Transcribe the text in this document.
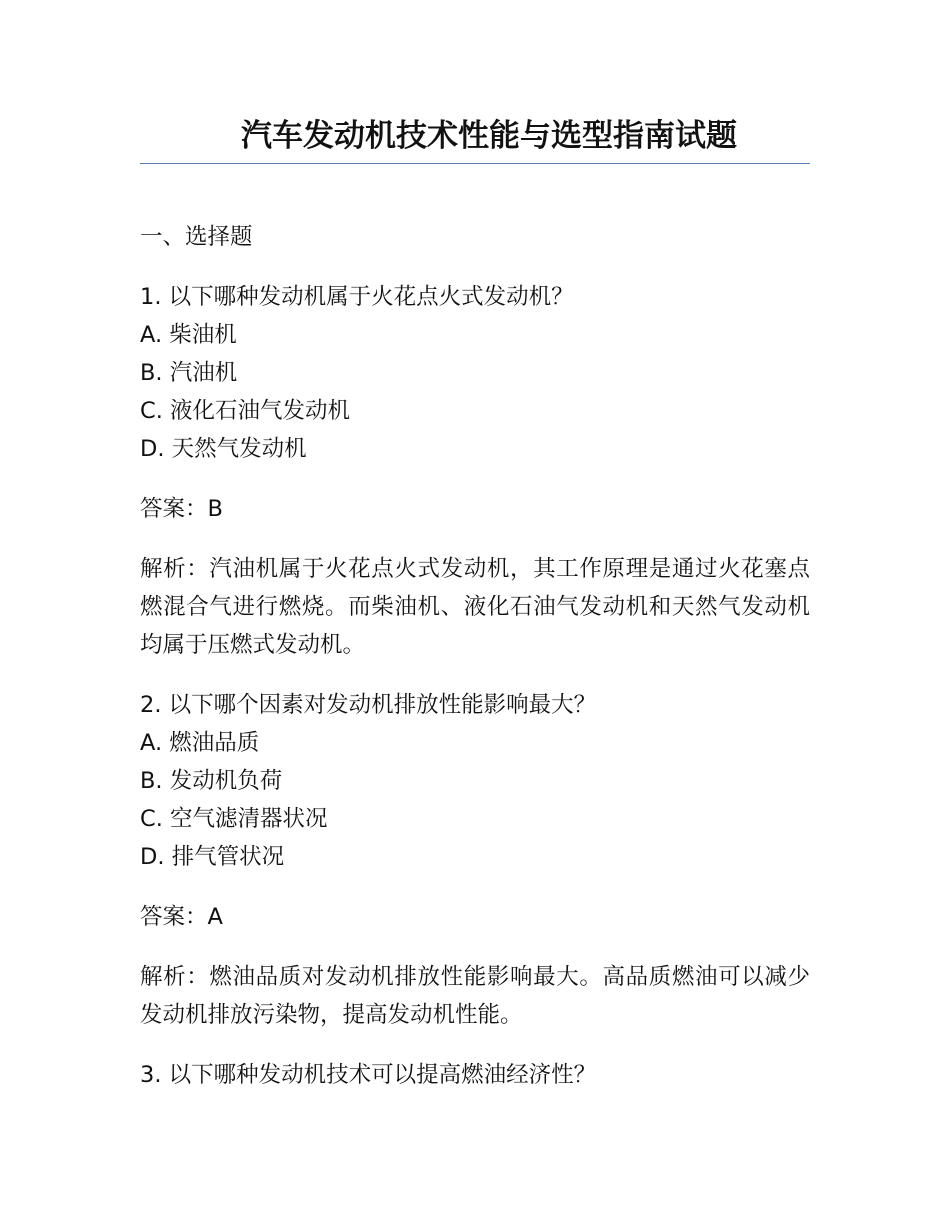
汽车发动机技术性能与选型指南试题

一、选择题

1. 以下哪种发动机属于火花点火式发动机？

A. 柴油机

B. 汽油机

C. 液化石油气发动机

D. 天然气发动机

答案：B

解析：汽油机属于火花点火式发动机，其工作原理是通过火花塞点燃混合气进行燃烧。而柴油机、液化石油气发动机和天然气发动机均属于压燃式发动机。

2. 以下哪个因素对发动机排放性能影响最大？

A. 燃油品质

B. 发动机负荷

C. 空气滤清器状况

D. 排气管状况

答案：A

解析：燃油品质对发动机排放性能影响最大。高品质燃油可以减少发动机排放污染物，提高发动机性能。

3. 以下哪种发动机技术可以提高燃油经济性？
